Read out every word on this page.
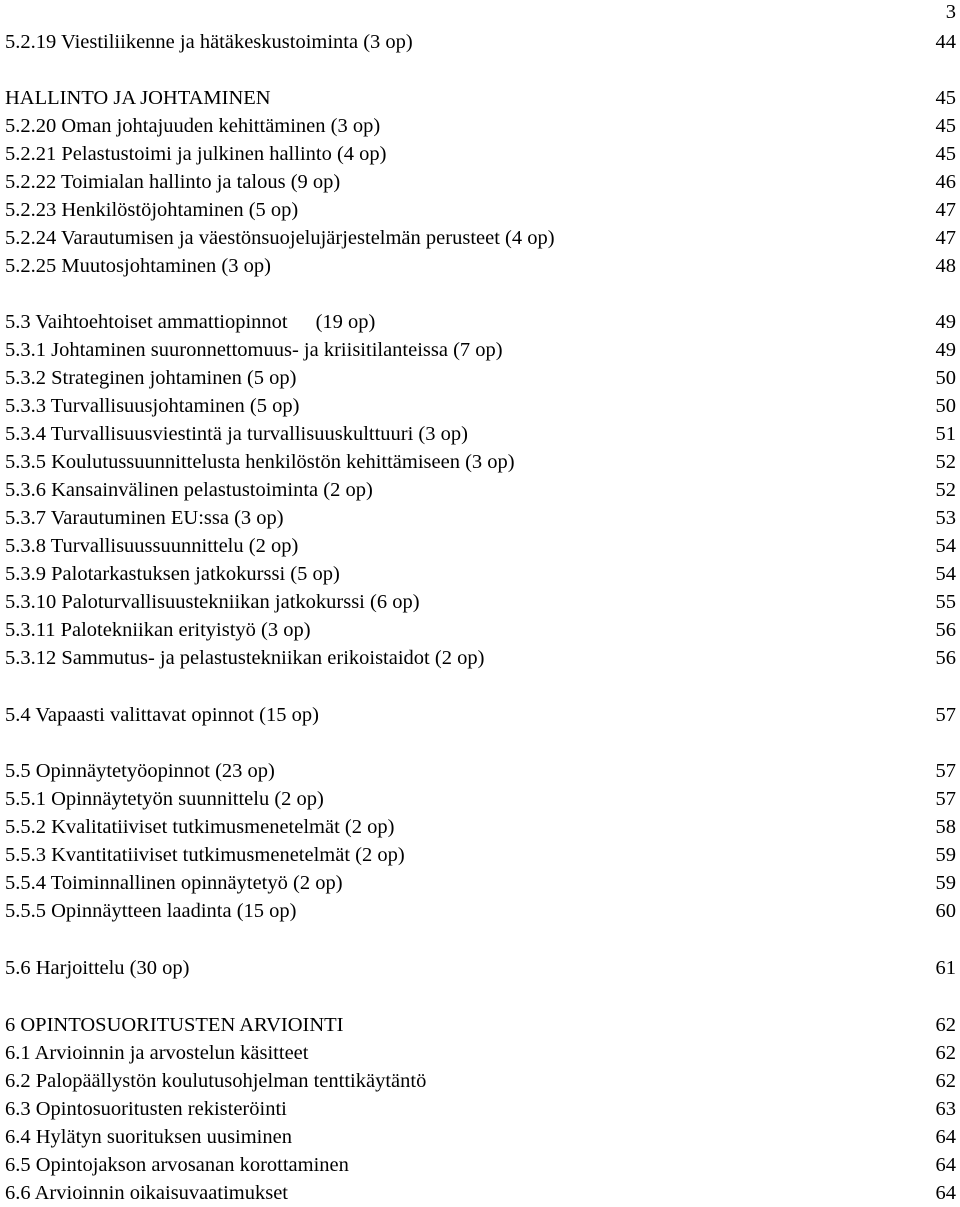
3
5.2.19 Viestiliikenne ja hätäkeskustoiminta (3 op)	44
HALLINTO JA JOHTAMINEN	45
5.2.20 Oman johtajuuden kehittäminen (3 op)	45
5.2.21 Pelastustoimi ja julkinen hallinto (4 op)	45
5.2.22 Toimialan hallinto ja talous (9 op)	46
5.2.23 Henkilöstöjohtaminen (5 op)	47
5.2.24 Varautumisen ja väestönsuojelujärjestelmän perusteet (4 op)	47
5.2.25 Muutosjohtaminen (3 op)	48
5.3 Vaihtoehtoiset ammattiopinnot (19 op)	49
5.3.1 Johtaminen suuronnettomuus- ja kriisitilanteissa (7 op)	49
5.3.2 Strateginen johtaminen (5 op)	50
5.3.3 Turvallisuusjohtaminen (5 op)	50
5.3.4 Turvallisuusviestintä ja turvallisuuskulttuuri (3 op)	51
5.3.5 Koulutussuunnittelusta henkilöstön kehittämiseen (3 op)	52
5.3.6 Kansainvälinen pelastustoiminta (2 op)	52
5.3.7 Varautuminen EU:ssa (3 op)	53
5.3.8 Turvallisuussuunnittelu (2 op)	54
5.3.9 Palotarkastuksen jatkokurssi (5 op)	54
5.3.10 Paloturvallisuustekniikan jatkokurssi (6 op)	55
5.3.11 Palotekniikan erityistyö (3 op)	56
5.3.12 Sammutus- ja pelastustekniikan erikoistaidot (2 op)	56
5.4 Vapaasti valittavat opinnot (15 op)	57
5.5 Opinnäytetyöopinnot (23 op)	57
5.5.1 Opinnäytetyön suunnittelu (2 op)	57
5.5.2 Kvalitatiiviset tutkimusmenetelmät (2 op)	58
5.5.3 Kvantitatiiviset tutkimusmenetelmät (2 op)	59
5.5.4 Toiminnallinen opinnäytetyö (2 op)	59
5.5.5 Opinnäytteen laadinta (15 op)	60
5.6 Harjoittelu (30 op)	61
6 OPINTOSUORITUSTEN ARVIOINTI	62
6.1 Arvioinnin ja arvostelun käsitteet	62
6.2 Palopäällystön koulutusohjelman tenttikäytäntö	62
6.3 Opintosuoritusten rekisteröinti	63
6.4 Hylätyn suorituksen uusiminen	64
6.5 Opintojakson arvosanan korottaminen	64
6.6 Arvioinnin oikaisuvaatimukset	64
